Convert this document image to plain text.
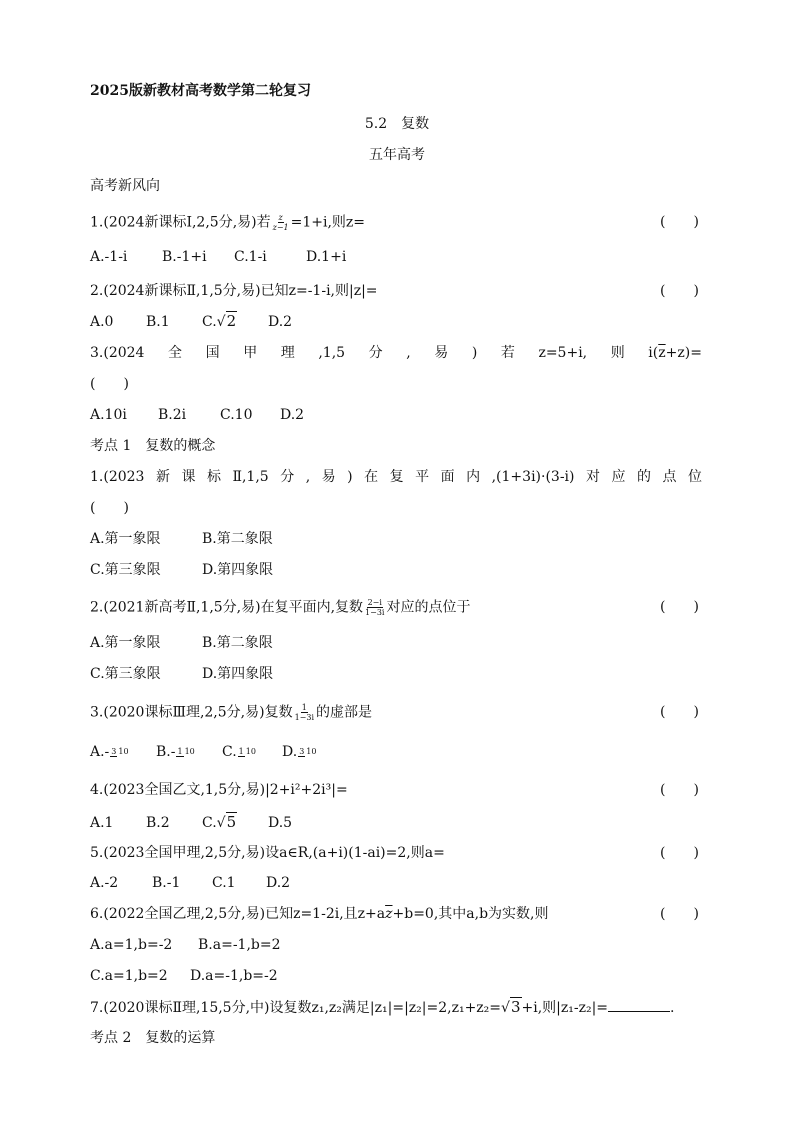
2025版新教材高考数学第二轮复习
5.2　复数
五年高考
高考新风向
1.(2024新课标Ⅰ,2,5分,易)若 $\frac{z}{z-1} =1+i$,则z=	(　　)
A.-1-i B.-1+i C.1-i	D.1+i
2.(2024新课标Ⅱ,1,5分,易)已知z=-1-i,则|z|=	(　　)
A.0 B.1 C.√2 D.2
3.(2024 全 国 甲 理 ,1,5 分 , 易 ) 若 z=5+i, 则 $i(\overline{z}+z)=$
(　　)
A.10i B.2i C.10 D.2
考点 1　复数的概念
1.(2023 新 课 标 Ⅱ,1,5 分 , 易 ) 在 复 平 面 内 ,(1+3i)·(3-i) 对 应 的 点 位
(　　)
A.第一象限	B.第二象限
C.第三象限	D.第四象限
2.(2021新高考Ⅱ,1,5分,易)在复平面内,复数 $\frac{2-i}{1-3i}$ 对应的点位于	(　　)
A.第一象限	B.第二象限
C.第三象限	D.第四象限
3.(2020课标Ⅲ理,2,5分,易)复数 $\frac{1}{1-3i}$ 的虚部是	(　　)
A.- 3 10 B.- 1 10 C. 1 10 D. 3 10
4.(2023全国乙文,1,5分,易)|2+i²+2i³|=	(　　)
A.1 B.2 C.√5 D.5
5.(2023全国甲理,2,5分,易)设a∈R,(a+i)(1-ai)=2,则a=	(　　)
A.-2 B.-1 C.1 D.2
6.(2022全国乙理,2,5分,易)已知z=1-2i,且$z+a\overline{z}+b=0$,其中a,b为实数,则	(　　)
A.a=1,b=-2 B.a=-1,b=2
C.a=1,b=2 D.a=-1,b=-2
7.(2020课标Ⅱ理,15,5分,中)设复数z₁,z₂满足|z₁|=|z₂|=2,z₁+z₂=√3+i,则|z₁-z₂|=	.
考点 2　复数的运算
